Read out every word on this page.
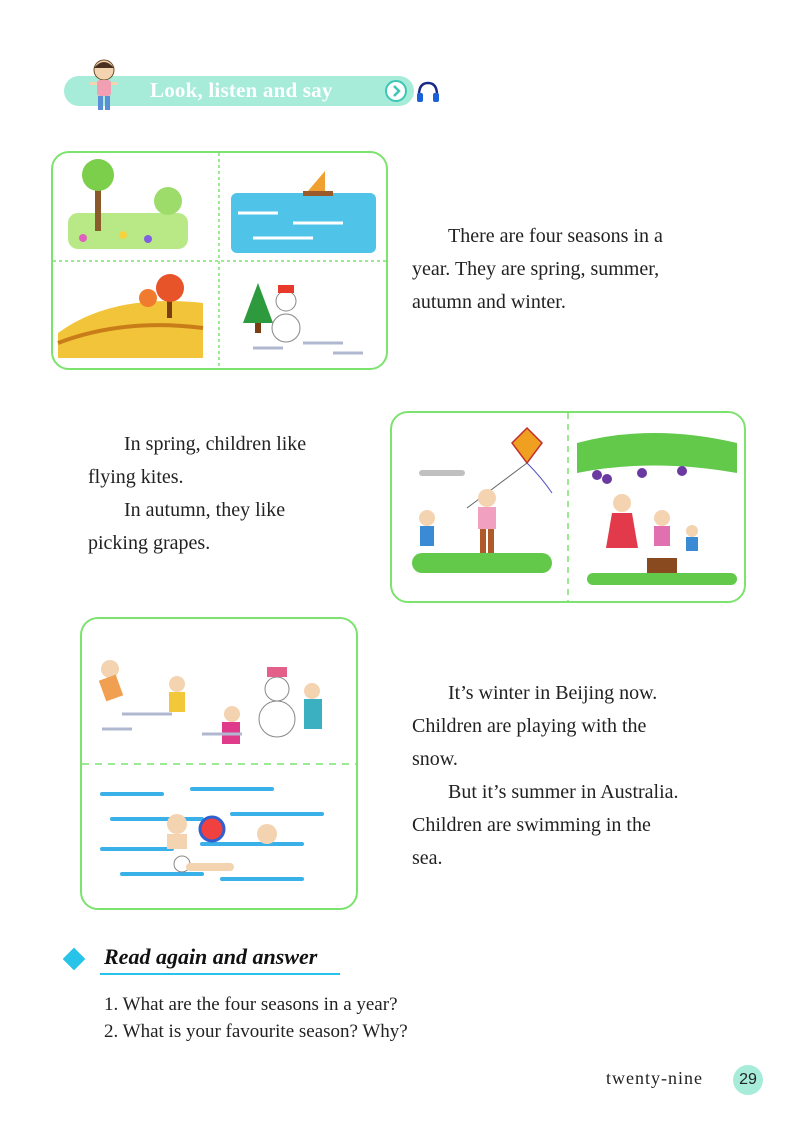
Look, listen and say
There are four seasons in a
year. They are spring, summer,
autumn and winter.
In spring, children like
flying kites.
In autumn, they like
picking grapes.
It’s winter in Beijing now.
Children are playing with the
snow.
But it’s summer in Australia.
Children are swimming in the
sea.
Read again and answer
1. What are the four seasons in a year?
2. What is your favourite season? Why?
twenty-nine	29
